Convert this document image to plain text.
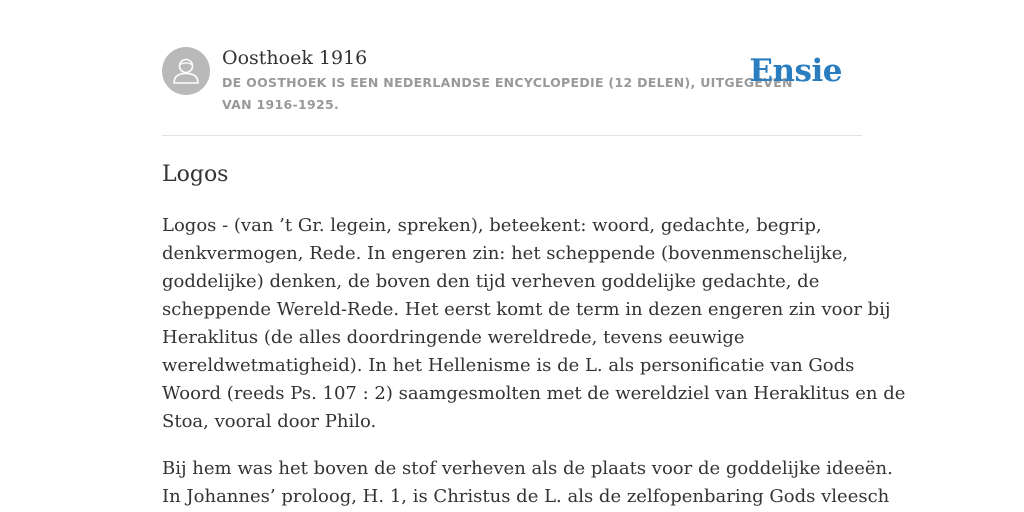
Oosthoek 1916
DE OOSTHOEK IS EEN NEDERLANDSE ENCYCLOPEDIE (12 DELEN), UITGEGEVEN
VAN 1916-1925.
Ensie
Logos

Logos - (van ’t Gr. legein, spreken), beteekent: woord, gedachte, begrip,
denkvermogen, Rede. In engeren zin: het scheppende (bovenmenschelijke,
goddelijke) denken, de boven den tijd verheven goddelijke gedachte, de
scheppende Wereld-Rede. Het eerst komt de term in dezen engeren zin voor bij
Heraklitus (de alles doordringende wereldrede, tevens eeuwige
wereldwetmatigheid). In het Hellenisme is de L. als personificatie van Gods
Woord (reeds Ps. 107 : 2) saamgesmolten met de wereldziel van Heraklitus en de
Stoa, vooral door Philo.

Bij hem was het boven de stof verheven als de plaats voor de goddelijke ideeën.
In Johannes’ proloog, H. 1, is Christus de L. als de zelfopenbaring Gods vleesch
